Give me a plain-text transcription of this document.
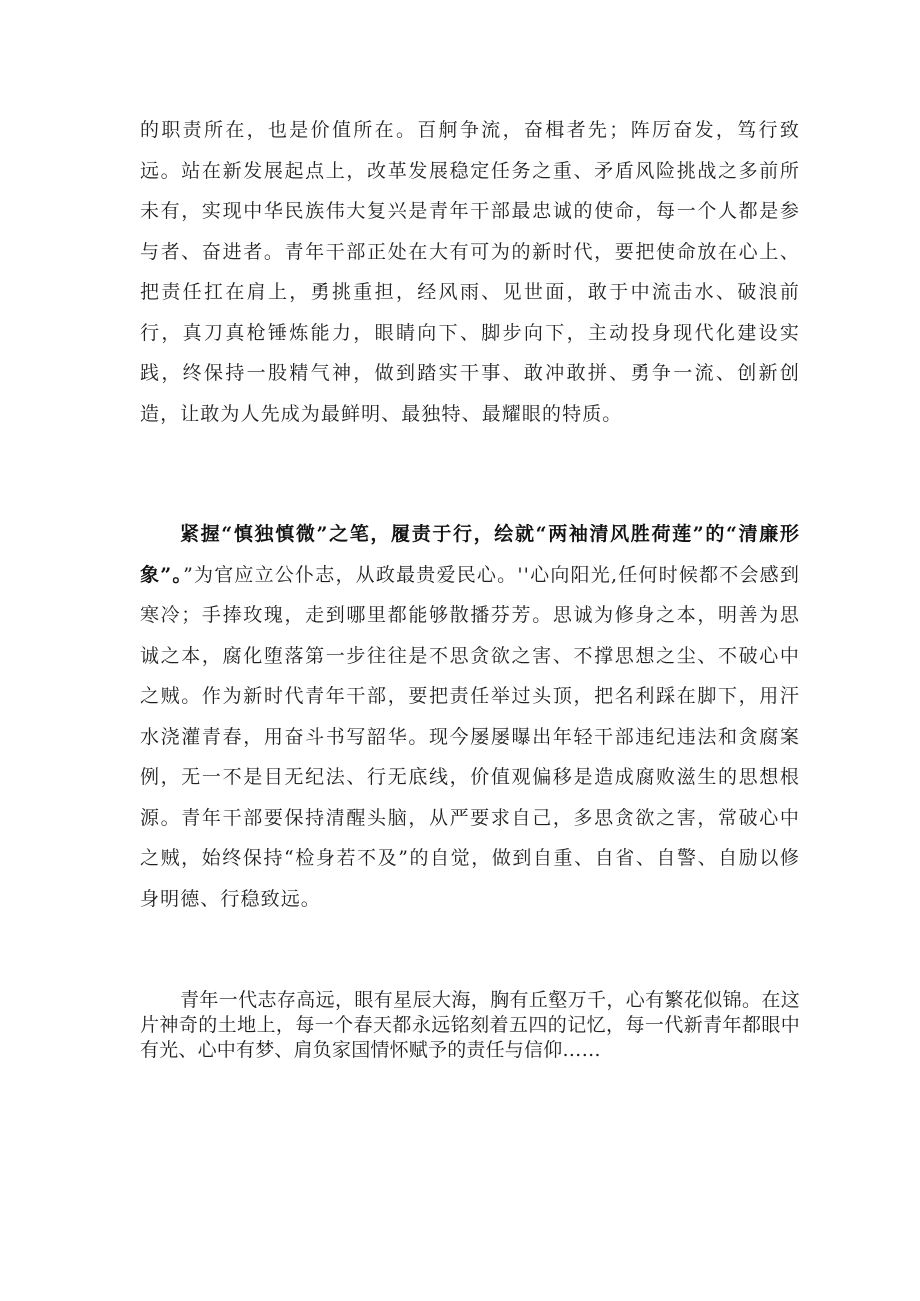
的职责所在，也是价值所在。百舸争流，奋楫者先；阵厉奋发，笃行致远。站在新发展起点上，改革发展稳定任务之重、矛盾风险挑战之多前所未有，实现中华民族伟大复兴是青年干部最忠诚的使命，每一个人都是参与者、奋进者。青年干部正处在大有可为的新时代，要把使命放在心上、把责任扛在肩上，勇挑重担，经风雨、见世面，敢于中流击水、破浪前行，真刀真枪锤炼能力，眼睛向下、脚步向下，主动投身现代化建设实践，终保持一股精气神，做到踏实干事、敢冲敢拼、勇争一流、创新创造，让敢为人先成为最鲜明、最独特、最耀眼的特质。

紧握“慎独慎微”之笔，履责于行，绘就“两袖清风胜荷莲”的“清廉形象”。”为官应立公仆志，从政最贵爱民心。''心向阳光,任何时候都不会感到寒冷；手捧玫瑰，走到哪里都能够散播芬芳。思诚为修身之本，明善为思诚之本，腐化堕落第一步往往是不思贪欲之害、不撑思想之尘、不破心中之贼。作为新时代青年干部，要把责任举过头顶，把名利踩在脚下，用汗水浇灌青春，用奋斗书写韶华。现今屡屡曝出年轻干部违纪违法和贪腐案例，无一不是目无纪法、行无底线，价值观偏移是造成腐败滋生的思想根源。青年干部要保持清醒头脑，从严要求自己，多思贪欲之害，常破心中之贼，始终保持“检身若不及”的自觉，做到自重、自省、自警、自励以修身明德、行稳致远。

青年一代志存高远，眼有星辰大海，胸有丘壑万千，心有繁花似锦。在这片神奇的土地上，每一个春天都永远铭刻着五四的记忆，每一代新青年都眼中有光、心中有梦、肩负家国情怀赋予的责任与信仰……
